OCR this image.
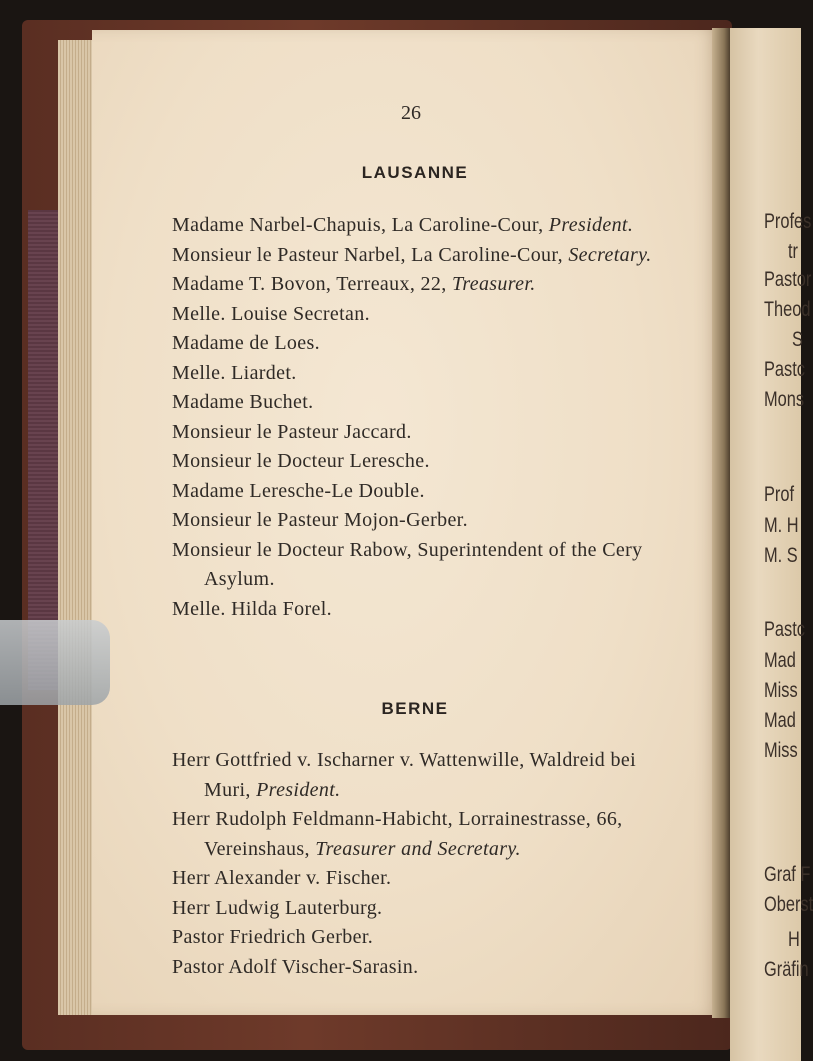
26
LAUSANNE
Madame Narbel-Chapuis, La Caroline-Cour, President.
Monsieur le Pasteur Narbel, La Caroline-Cour, Secretary.
Madame T. Bovon, Terreaux, 22, Treasurer.
Melle. Louise Secretan.
Madame de Loes.
Melle. Liardet.
Madame Buchet.
Monsieur le Pasteur Jaccard.
Monsieur le Docteur Leresche.
Madame Leresche-Le Double.
Monsieur le Pasteur Mojon-Gerber.
Monsieur le Docteur Rabow, Superintendent of the Cery Asylum.
Melle. Hilda Forel.
BERNE
Herr Gottfried v. Ischarner v. Wattenwille, Waldreid bei Muri, President.
Herr Rudolph Feldmann-Habicht, Lorrainestrasse, 66, Vereinshaus, Treasurer and Secretary.
Herr Alexander v. Fischer.
Herr Ludwig Lauterburg.
Pastor Friedrich Gerber.
Pastor Adolf Vischer-Sarasin.
Profes
tr
Pastor
Theod
S
Pastc
Mons
Prof
M. H
M. S
Pastc
Mad
Miss
Mad
Miss
Graf F
Oberst
H
Gräfin
